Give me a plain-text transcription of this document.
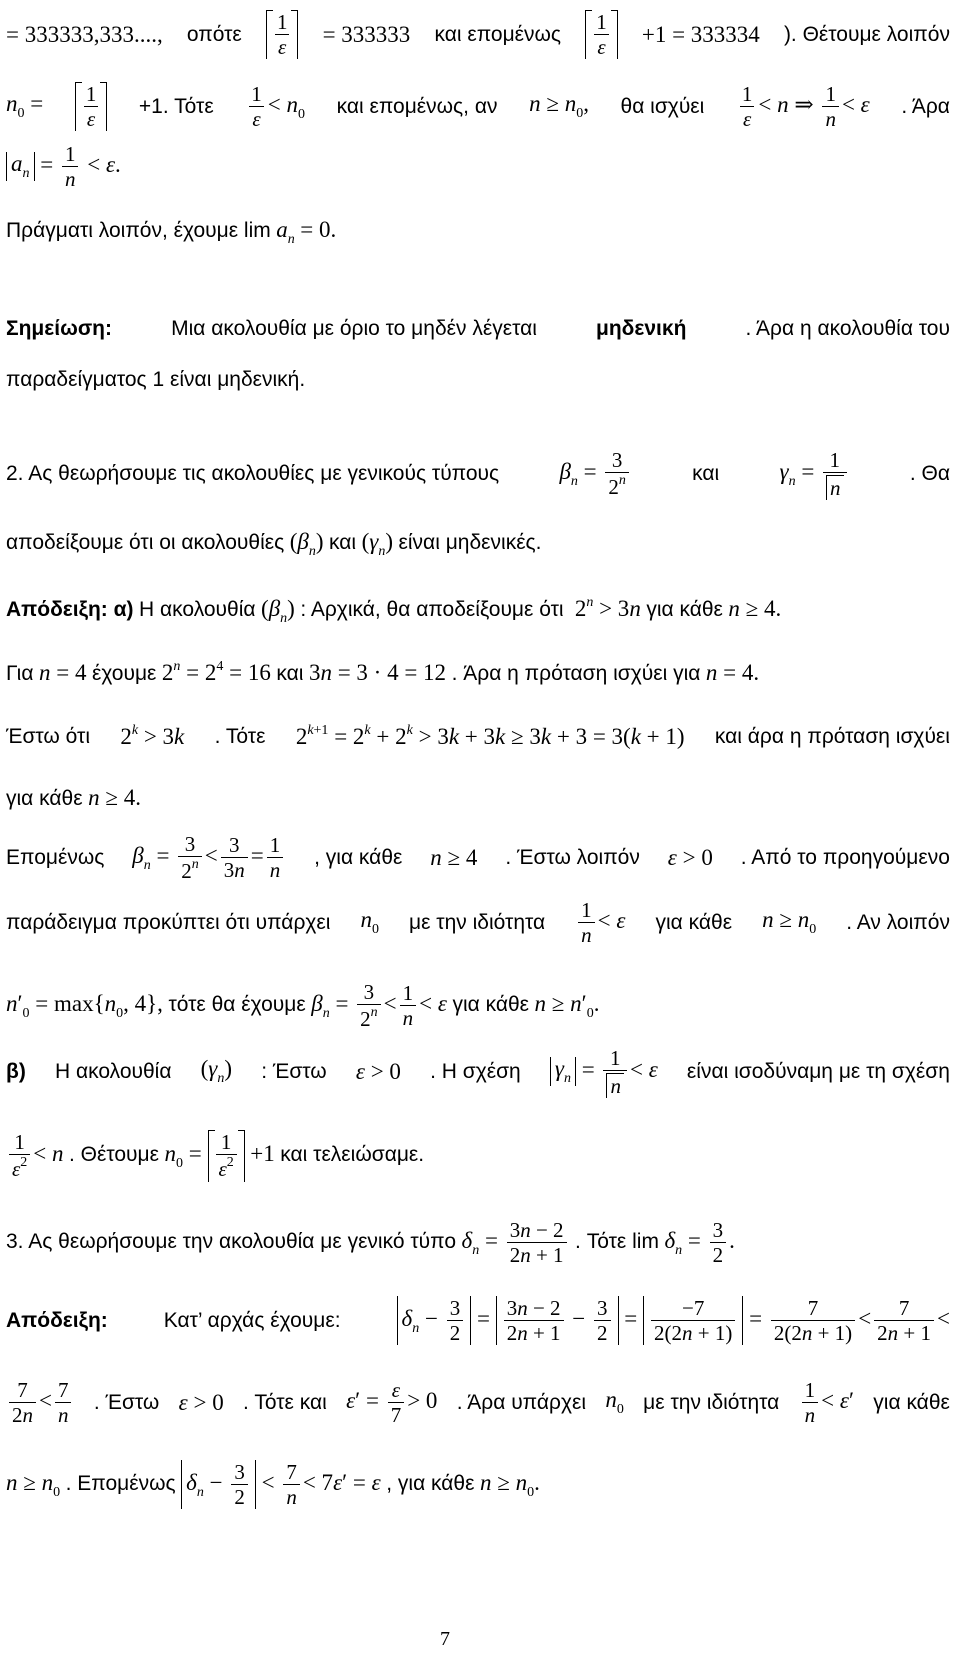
= 333333,333...., οπότε $\frac{1}{\varepsilon} = 333333$ και επομένως $\frac{1}{\varepsilon} +1 = 333334$ ). Θέτουμε λοιπόν
$n_0 = \frac{1}{\varepsilon} +1$. Τότε $\frac{1}{\varepsilon} < n_0$ και επομένως, αν $n \ge n_0$, θα ισχύει $\frac{1}{\varepsilon} < n$ ⇒ $\frac{1}{n} < \varepsilon$ . Άρα
$a_n = \frac{1}{n} < \varepsilon$.
Πράγματι λοιπόν, έχουμε $\lim a_n = 0$.
Σημείωση:	Μια ακολουθία με όριο το μηδέν λέγεται	μηδενική	. Άρα η ακολουθία του
παραδείγματος 1 είναι μηδενική.
2. Ας θεωρήσουμε τις ακολουθίες με γενικούς τύπους	$\beta_n = \frac{3}{2^n}$	και	$\gamma_n = \frac{1}{n}$	. Θα
αποδείξουμε ότι οι ακολουθίες $(\beta_n)$ και $(\gamma_n)$ είναι μηδενικές.
Απόδειξη: α) Η ακολουθία $(\beta_n)$ : Αρχικά, θα αποδείξουμε ότι  $2^n > 3n$ για κάθε n ≥ 4.
Για n = 4 έχουμε $2^n = 2^4 = 16$ και 3n = 3 · 4 = 12 . Άρα η πρόταση ισχύει για n = 4.
Έστω ότι $2^k > 3k$ . Τότε $2^{k+1} = 2^k + 2^k > 3k + 3k \ge 3k + 3 = 3(k + 1)$ και άρα η πρόταση ισχύει
για κάθε n ≥ 4.
Επομένως $\beta_n = \frac{3}{2^n} < \frac{3}{3n} = \frac{1}{n}$ , για κάθε n ≥ 4 . Έστω λοιπόν ε > 0 . Από το προηγούμενο
παράδειγμα προκύπτει ότι υπάρχει $n_0$ με την ιδιότητα $\frac{1}{n} < \varepsilon$ για κάθε $n \ge n_0$ . Αν λοιπόν
$n'_0 = \max\{n_0$, 4}, τότε θα έχουμε $\beta_n = \frac{3}{2^n} < \frac{1}{n} < \varepsilon$ για κάθε $n \ge n'_0$.
β) Η ακολουθία $(\gamma_n)$ : Έστω ε > 0 . Η σχέση $\gamma_n = \frac{1}{n} < \varepsilon$ είναι ισοδύναμη με τη σχέση
$\frac{1}{\varepsilon^2} < n$ . Θέτουμε $n_0 = \frac{1}{\varepsilon^2} +1$ και τελειώσαμε.
3. Ας θεωρήσουμε την ακολουθία με γενικό τύπο $\delta_n = \frac{3n - 2}{2n + 1}$ . Τότε $\lim \delta_n = \frac{3}{2}$ .
Απόδειξη:	Κατ’ αρχάς έχουμε:	$\delta_n - \frac{3}{2} = \frac{3n - 2}{2n + 1} - \frac{3}{2} = \frac{-7}{2(2n + 1)} = \frac{7}{2(2n + 1)} < \frac{7}{2n + 1}$ <
$\frac{7}{2n} < \frac{7}{n}$ . Έστω ε > 0 . Τότε και $\varepsilon' = \frac{\varepsilon}{7} > 0$ . Άρα υπάρχει $n_0$ με την ιδιότητα $\frac{1}{n} < \varepsilon'$ για κάθε
$n \ge n_0$ . Επομένως $\delta_n - \frac{3}{2} < \frac{7}{n} < 7\varepsilon' = \varepsilon$ , για κάθε $n \ge n_0$.
7
